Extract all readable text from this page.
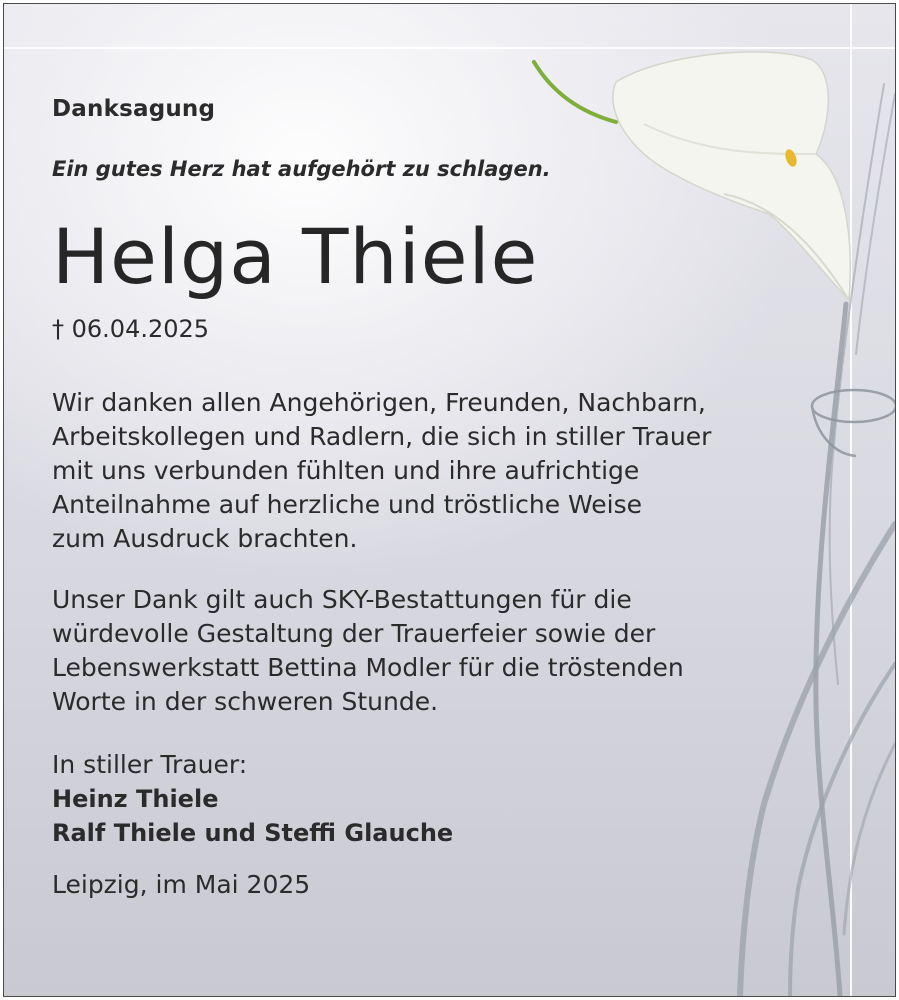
Danksagung
Ein gutes Herz hat aufgehört zu schlagen.
Helga Thiele
† 06.04.2025
Wir danken allen Angehörigen, Freunden, Nachbarn,
Arbeitskollegen und Radlern, die sich in stiller Trauer
mit uns verbunden fühlten und ihre aufrichtige
Anteilnahme auf herzliche und tröstliche Weise
zum Ausdruck brachten.
Unser Dank gilt auch SKY-Bestattungen für die
würdevolle Gestaltung der Trauerfeier sowie der
Lebenswerkstatt Bettina Modler für die tröstenden
Worte in der schweren Stunde.
In stiller Trauer:
Heinz Thiele
Ralf Thiele und Steffi Glauche
Leipzig, im Mai 2025
